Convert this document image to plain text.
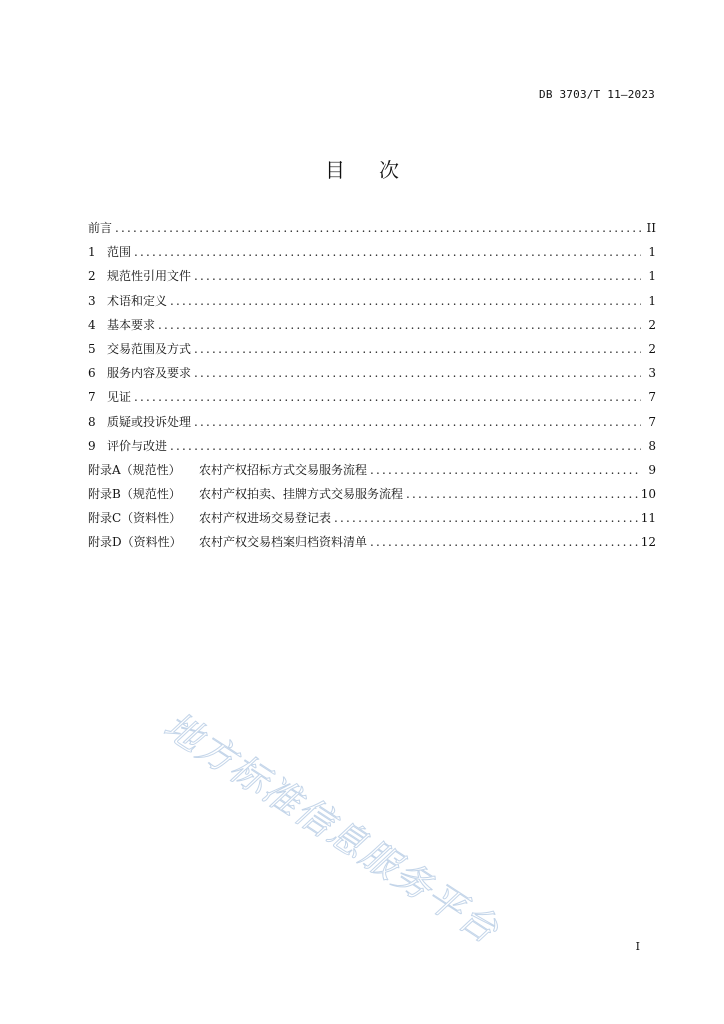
DB 3703/T 11—2023
目次
前言 .....	II
1 范围 .....	1
2 规范性引用文件 .....	1
3 术语和定义 .....	1
4 基本要求 .....	2
5 交易范围及方式 .....	2
6 服务内容及要求 .....	3
7 见证 .....	7
8 质疑或投诉处理 .....	7
9 评价与改进 .....	8
附录A（规范性）	农村产权招标方式交易服务流程 .....	9
附录B（规范性）	农村产权拍卖、挂牌方式交易服务流程 .....	10
附录C（资料性）	农村产权进场交易登记表 .....	11
附录D（资料性）	农村产权交易档案归档资料清单 .....	12
地方标准信息服务平台	I
